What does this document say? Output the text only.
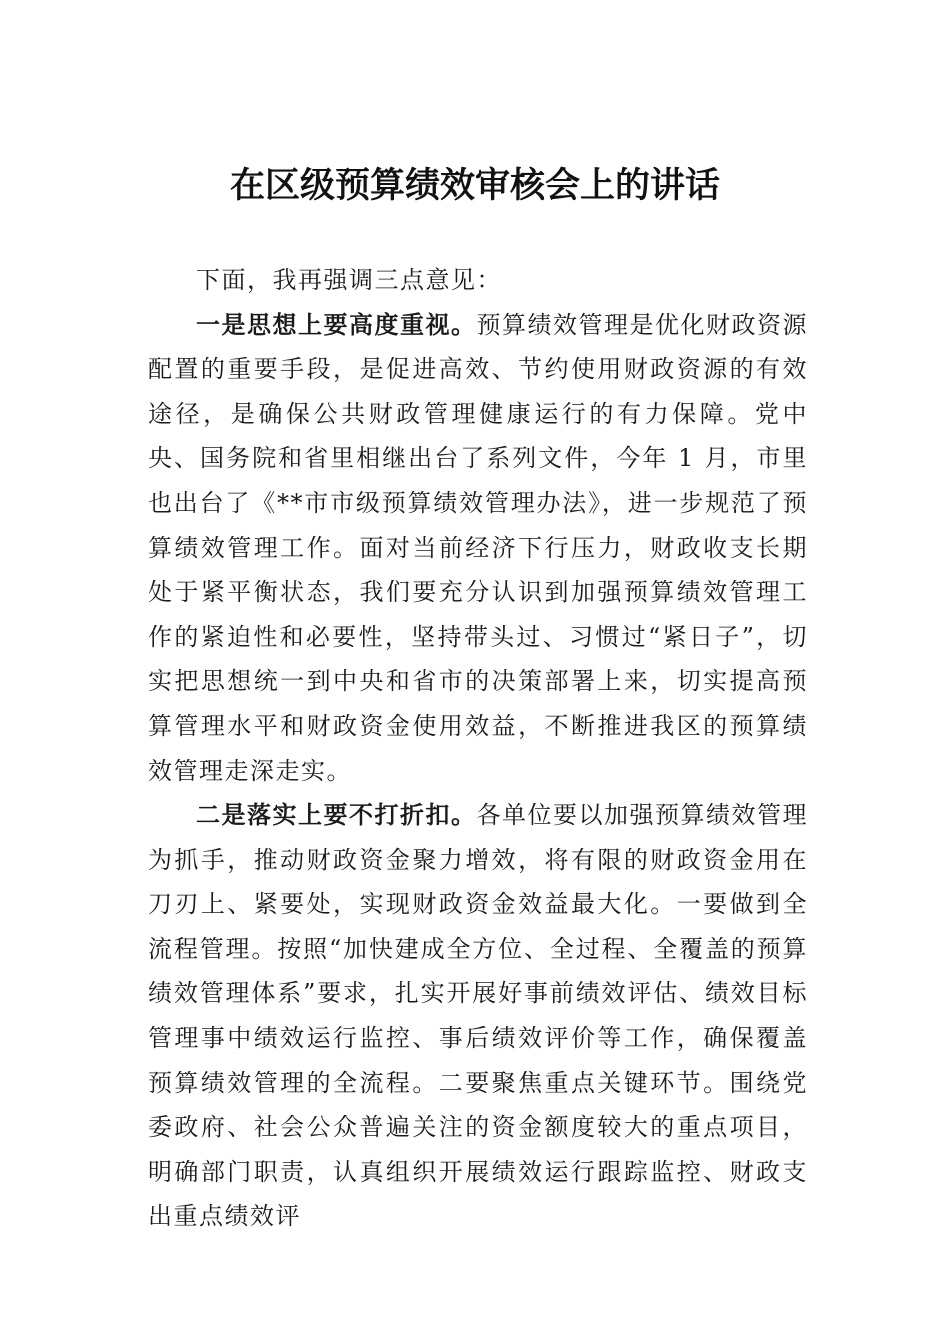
在区级预算绩效审核会上的讲话

下面，我再强调三点意见：

一是思想上要高度重视。预算绩效管理是优化财政资源配置的重要手段，是促进高效、节约使用财政资源的有效途径，是确保公共财政管理健康运行的有力保障。党中央、国务院和省里相继出台了系列文件，今年 1 月，市里也出台了《**市市级预算绩效管理办法》，进一步规范了预算绩效管理工作。面对当前经济下行压力，财政收支长期处于紧平衡状态，我们要充分认识到加强预算绩效管理工作的紧迫性和必要性，坚持带头过、习惯过“紧日子”，切实把思想统一到中央和省市的决策部署上来，切实提高预算管理水平和财政资金使用效益，不断推进我区的预算绩效管理走深走实。

二是落实上要不打折扣。各单位要以加强预算绩效管理为抓手，推动财政资金聚力增效，将有限的财政资金用在刀刃上、紧要处，实现财政资金效益最大化。一要做到全流程管理。按照“加快建成全方位、全过程、全覆盖的预算绩效管理体系”要求，扎实开展好事前绩效评估、绩效目标管理事中绩效运行监控、事后绩效评价等工作，确保覆盖预算绩效管理的全流程。二要聚焦重点关键环节。围绕党委政府、社会公众普遍关注的资金额度较大的重点项目，明确部门职责，认真组织开展绩效运行跟踪监控、财政支出重点绩效评
